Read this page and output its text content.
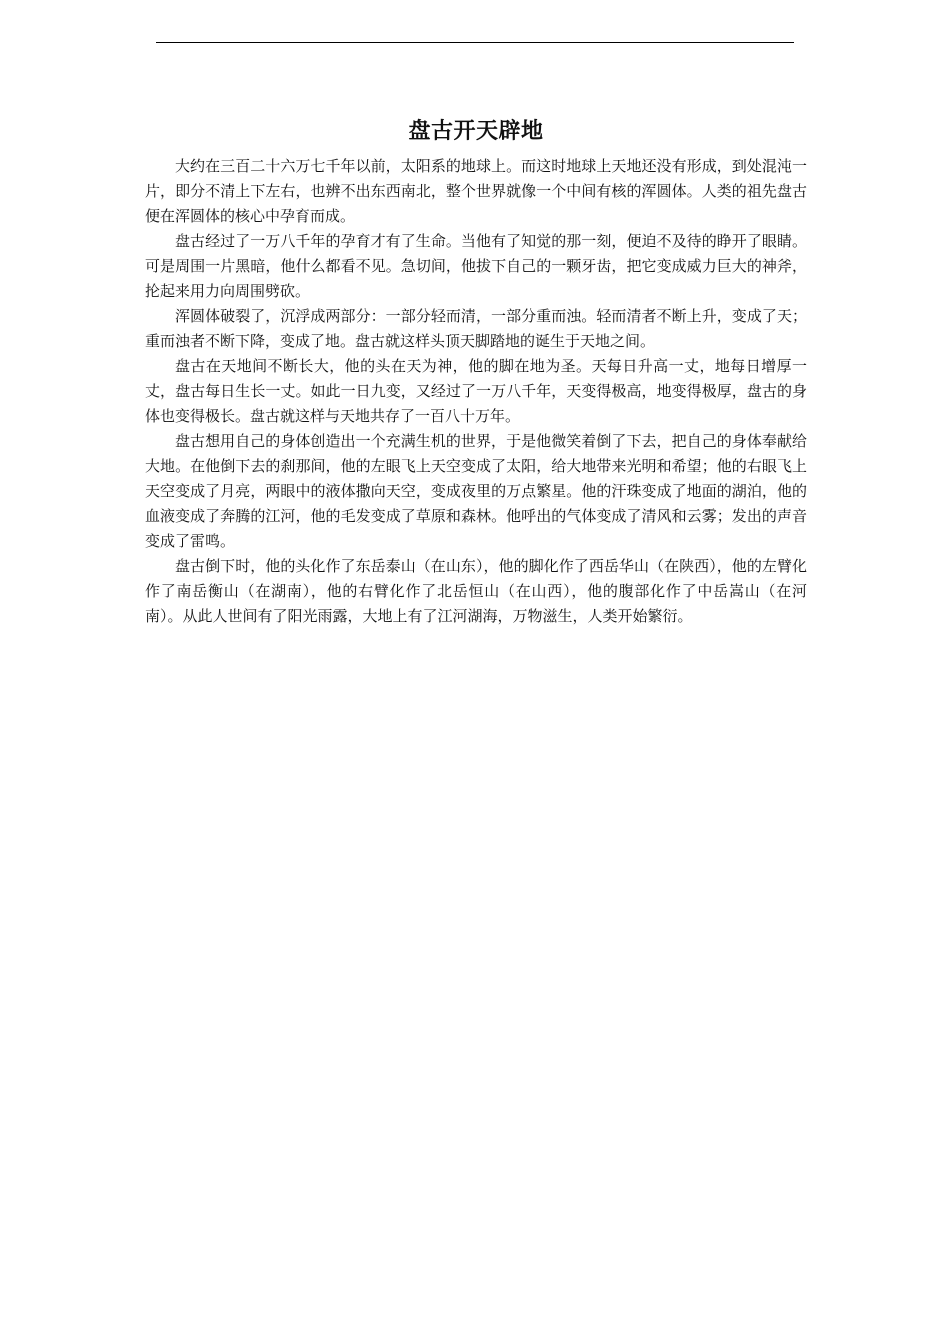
盘古开天辟地

大约在三百二十六万七千年以前，太阳系的地球上。而这时地球上天地还没有形成，到处混沌一片，即分不清上下左右，也辨不出东西南北，整个世界就像一个中间有核的浑圆体。人类的祖先盘古便在浑圆体的核心中孕育而成。

盘古经过了一万八千年的孕育才有了生命。当他有了知觉的那一刻，便迫不及待的睁开了眼睛。可是周围一片黑暗，他什么都看不见。急切间，他拔下自己的一颗牙齿，把它变成威力巨大的神斧，抡起来用力向周围劈砍。

浑圆体破裂了，沉浮成两部分：一部分轻而清，一部分重而浊。轻而清者不断上升，变成了天；重而浊者不断下降，变成了地。盘古就这样头顶天脚踏地的诞生于天地之间。

盘古在天地间不断长大，他的头在天为神，他的脚在地为圣。天每日升高一丈，地每日增厚一丈，盘古每日生长一丈。如此一日九变，又经过了一万八千年，天变得极高，地变得极厚，盘古的身体也变得极长。盘古就这样与天地共存了一百八十万年。

盘古想用自己的身体创造出一个充满生机的世界，于是他微笑着倒了下去，把自己的身体奉献给大地。在他倒下去的刹那间，他的左眼飞上天空变成了太阳，给大地带来光明和希望；他的右眼飞上天空变成了月亮，两眼中的液体撒向天空，变成夜里的万点繁星。他的汗珠变成了地面的湖泊，他的血液变成了奔腾的江河，他的毛发变成了草原和森林。他呼出的气体变成了清风和云雾；发出的声音变成了雷鸣。

盘古倒下时，他的头化作了东岳泰山（在山东），他的脚化作了西岳华山（在陕西），他的左臂化作了南岳衡山（在湖南），他的右臂化作了北岳恒山（在山西），他的腹部化作了中岳嵩山（在河南）。从此人世间有了阳光雨露，大地上有了江河湖海，万物滋生，人类开始繁衍。
